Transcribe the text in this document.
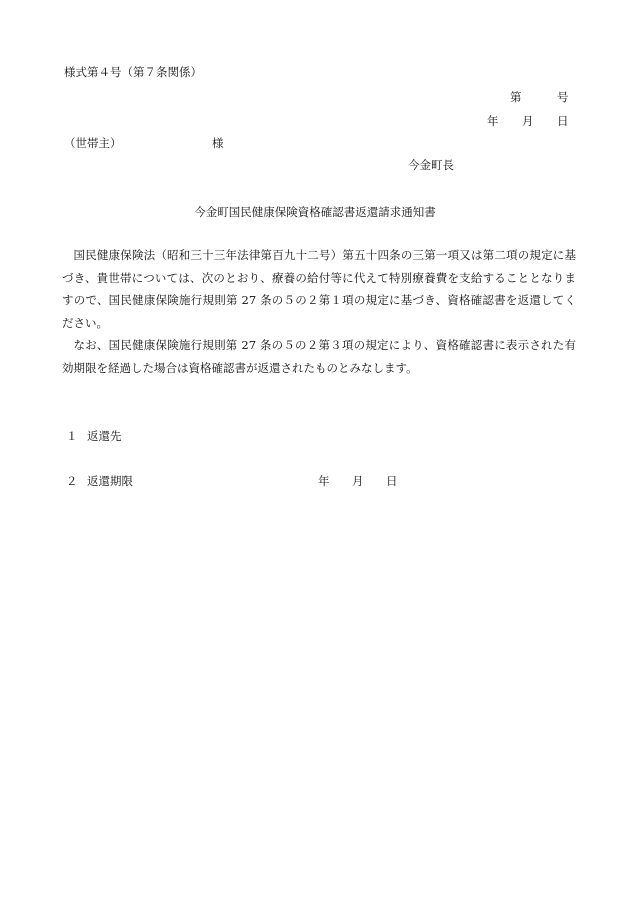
様式第４号（第７条関係）
第	号
年 月 日
（世帯主）	様
今金町長
今金町国民健康保険資格確認書返還請求通知書

国民健康保険法（昭和三十三年法律第百九十二号）第五十四条の三第一項又は第二項の規定に基づき、貴世帯については、次のとおり、療養の給付等に代えて特別療養費を支給することとなりますので、国民健康保険施行規則第 27 条の５の２第１項の規定に基づき、資格確認書を返還してください。

なお、国民健康保険施行規則第 27 条の５の２第３項の規定により、資格確認書に表示された有効期限を経過した場合は資格確認書が返還されたものとみなします。

１ 返還先
２ 返還期限	年 月 日
